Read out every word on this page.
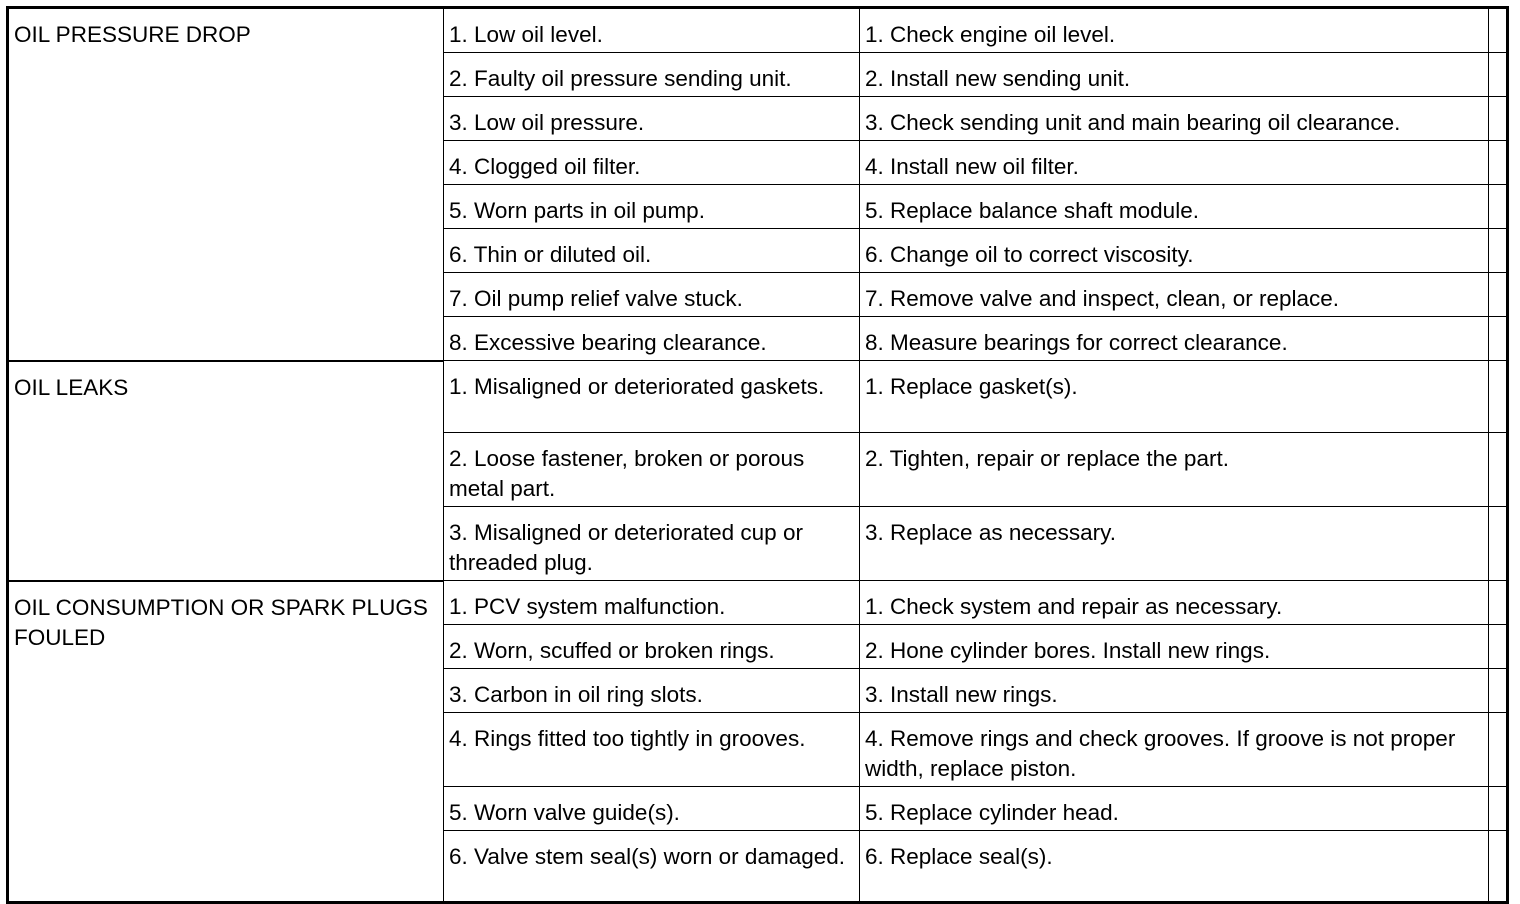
OIL PRESSURE DROP	1. Low oil level.	1. Check engine oil level.	
	2. Faulty oil pressure sending unit.	2. Install new sending unit.	
	3. Low oil pressure.	3. Check sending unit and main bearing oil clearance.	
	4. Clogged oil filter.	4. Install new oil filter.	
	5. Worn parts in oil pump.	5. Replace balance shaft module.	
	6. Thin or diluted oil.	6. Change oil to correct viscosity.	
	7. Oil pump relief valve stuck.	7. Remove valve and inspect, clean, or replace.	
	8. Excessive bearing clearance.	8. Measure bearings for correct clearance.	
OIL LEAKS	1. Misaligned or deteriorated gaskets.	1. Replace gasket(s).	
	2. Loose fastener, broken or porous metal part.	2. Tighten, repair or replace the part.	
	3. Misaligned or deteriorated cup or threaded plug.	3. Replace as necessary.	
OIL CONSUMPTION OR SPARK PLUGS FOULED	1. PCV system malfunction.	1. Check system and repair as necessary.	
	2. Worn, scuffed or broken rings.	2. Hone cylinder bores. Install new rings.	
	3. Carbon in oil ring slots.	3. Install new rings.	
	4. Rings fitted too tightly in grooves.	4. Remove rings and check grooves. If groove is not proper width, replace piston.	
	5. Worn valve guide(s).	5. Replace cylinder head.	
	6. Valve stem seal(s) worn or damaged.	6. Replace seal(s).	
